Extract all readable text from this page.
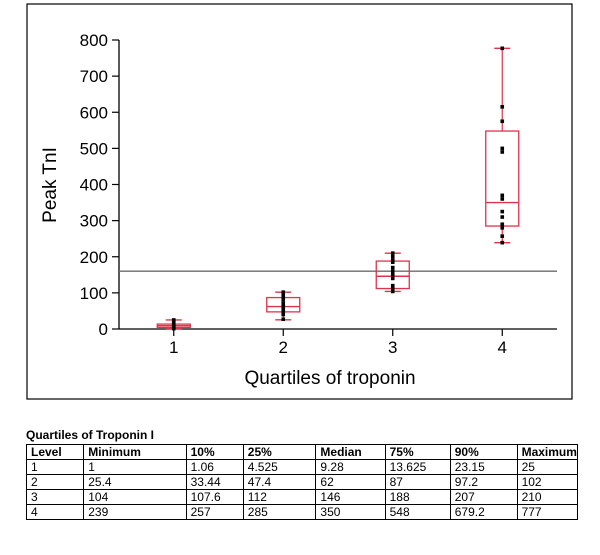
0
100
200
300
400
500
600
700
800
1	2	3	4
Peak TnI
Quartiles of troponin
Quartiles of Troponin I
Level	Minimum	10%	25%	Median	75%	90%	Maximum
1	1	1.06	4.525	9.28	13.625	23.15	25
2	25.4	33.44	47.4	62	87	97.2	102
3	104	107.6	112	146	188	207	210
4	239	257	285	350	548	679.2	777
